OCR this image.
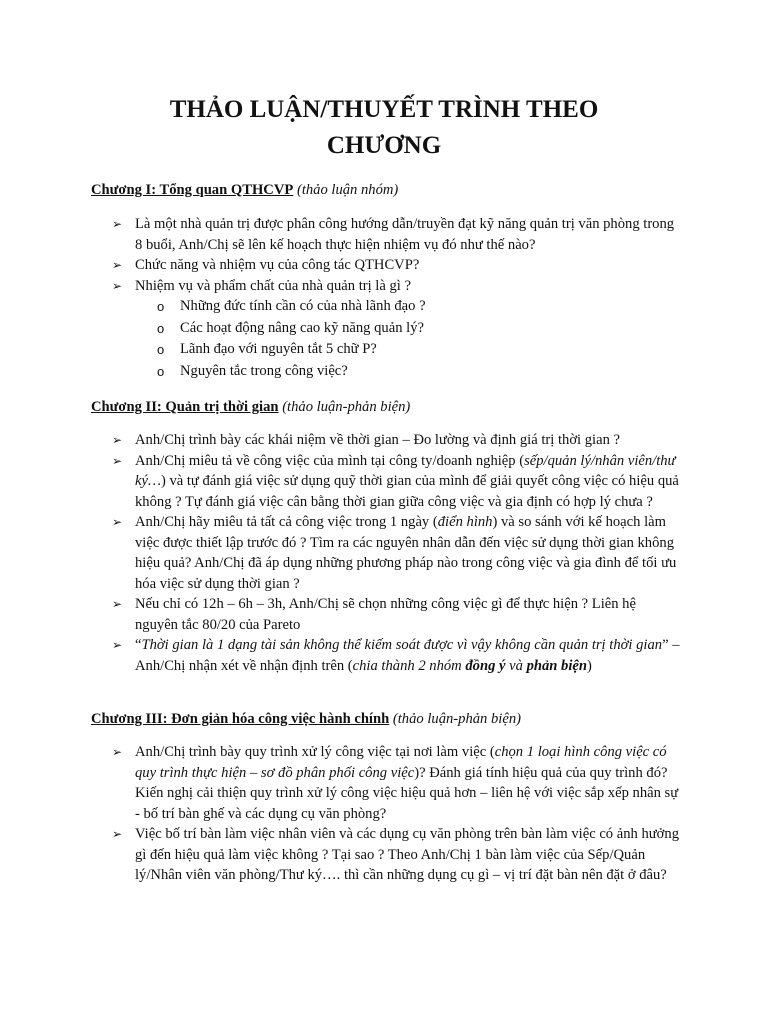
THẢO LUẬN/THUYẾT TRÌNH THEO
CHƯƠNG

Chương I: Tổng quan QTHCVP (thảo luận nhóm)

➢ Là một nhà quản trị được phân công hướng dẫn/truyền đạt kỹ năng quản trị văn phòng trong 8 buổi, Anh/Chị sẽ lên kế hoạch thực hiện nhiệm vụ đó như thế nào?
➢ Chức năng và nhiệm vụ của công tác QTHCVP?
➢ Nhiệm vụ và phẩm chất của nhà quản trị là gì ?
o Những đức tính cần có của nhà lãnh đạo ?
o Các hoạt động nâng cao kỹ năng quản lý?
o Lãnh đạo với nguyên tắt 5 chữ P?
o Nguyên tắc trong công việc?

Chương II: Quản trị thời gian (thảo luận-phản biện)

➢ Anh/Chị trình bày các khái niệm về thời gian – Đo lường và định giá trị thời gian ?
➢ Anh/Chị miêu tả về công việc của mình tại công ty/doanh nghiệp (sếp/quản lý/nhân viên/thư ký…) và tự đánh giá việc sử dụng quỹ thời gian của mình để giải quyết công việc có hiệu quả không ? Tự đánh giá việc cân bằng thời gian giữa công việc và gia định có hợp lý chưa ?
➢ Anh/Chị hãy miêu tả tất cả công việc trong 1 ngày (điển hình) và so sánh với kế hoạch làm việc được thiết lập trước đó ? Tìm ra các nguyên nhân dẫn đến việc sử dụng thời gian không hiệu quả? Anh/Chị đã áp dụng những phương pháp nào trong công việc và gia đình để tối ưu hóa việc sử dụng thời gian ?
➢ Nếu chỉ có 12h – 6h – 3h, Anh/Chị sẽ chọn những công việc gì để thực hiện ? Liên hệ nguyên tắc 80/20 của Pareto
➢ “Thời gian là 1 dạng tài sản không thể kiếm soát được vì vậy không cần quản trị thời gian” – Anh/Chị nhận xét về nhận định trên (chia thành 2 nhóm đồng ý và phản biện)

Chương III: Đơn giản hóa công việc hành chính (thảo luận-phản biện)

➢ Anh/Chị trình bày quy trình xử lý công việc tại nơi làm việc (chọn 1 loại hình công việc có quy trình thực hiện – sơ đồ phân phối công việc)? Đánh giá tính hiệu quả của quy trình đó? Kiến nghị cải thiện quy trình xử lý công việc hiệu quả hơn – liên hệ với việc sắp xếp nhân sự - bố trí bàn ghế và các dụng cụ văn phòng?
➢ Việc bố trí bàn làm việc nhân viên và các dụng cụ văn phòng trên bàn làm việc có ảnh hưởng gì đến hiệu quả làm việc không ? Tại sao ? Theo Anh/Chị 1 bàn làm việc của Sếp/Quản lý/Nhân viên văn phòng/Thư ký…. thì cần những dụng cụ gì – vị trí đặt bàn nên đặt ở đâu?
